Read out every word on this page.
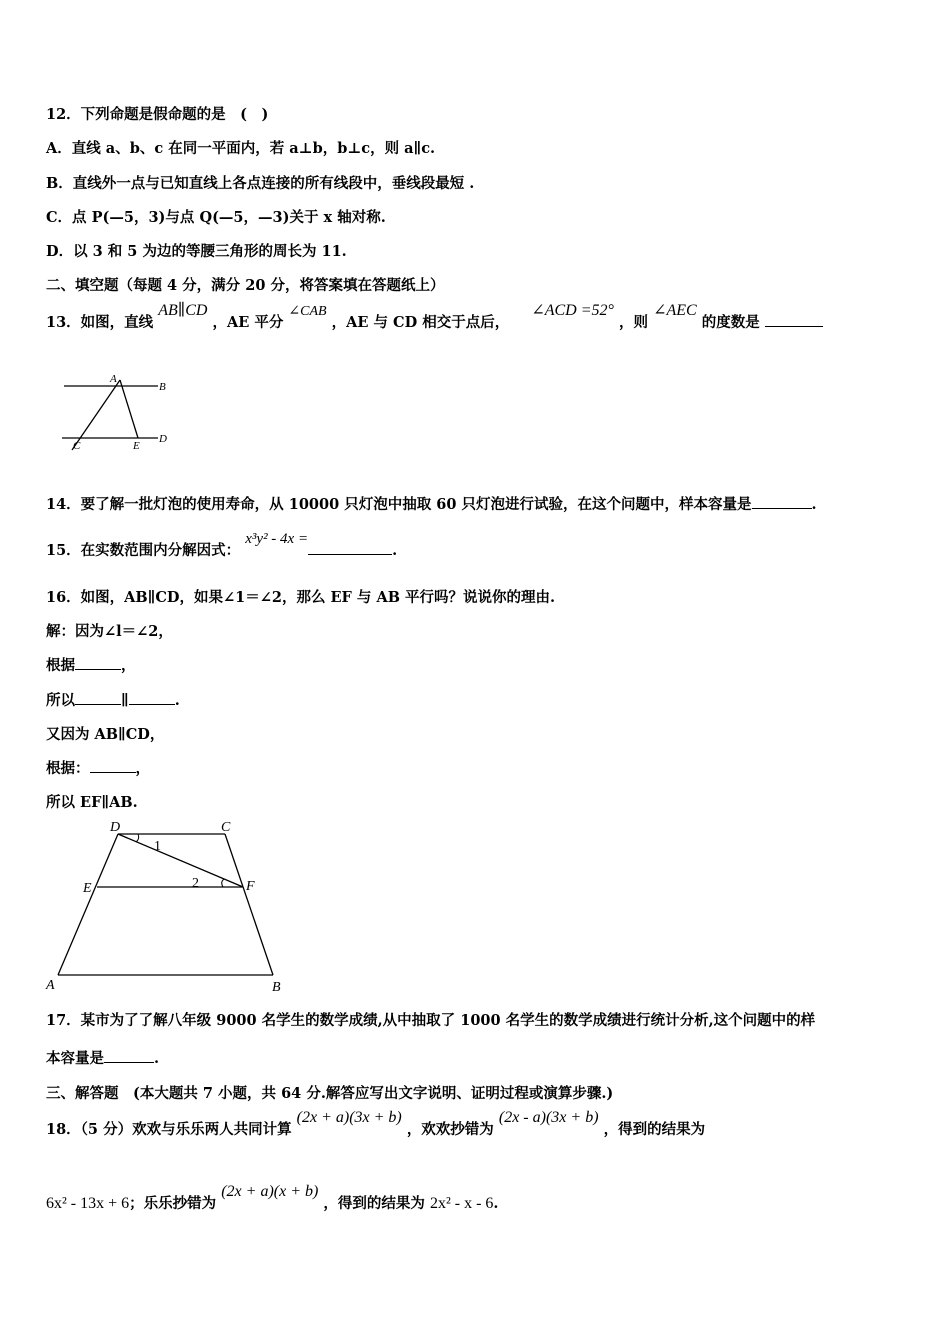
12．下列命题是假命题的是　(　)
A．直线 a、b、c 在同一平面内，若 a⊥b，b⊥c，则 a∥c.
B．直线外一点与已知直线上各点连接的所有线段中，垂线段最短 .
C．点 P(—5，3)与点 Q(—5，—3)关于 x 轴对称.
D．以 3 和 5 为边的等腰三角形的周长为 11.
二、填空题（每题 4 分，满分 20 分，将答案填在答题纸上）
13．如图，直线 AB∥CD ，AE 平分 ∠CAB ，AE 与 CD 相交于点后，  ∠ACD =52° ，则 ∠AEC 的度数是
A
B
C	E
D
14．要了解一批灯泡的使用寿命，从 10000 只灯泡中抽取 60 只灯泡进行试验，在这个问题中，样本容量是	.
15．在实数范围内分解因式： x³y² - 4x =.
16．如图，AB∥CD，如果∠1＝∠2，那么 EF 与 AB 平行吗？说说你的理由.
解：因为∠l＝∠2，
根据	，
所以	∥	.
又因为 AB∥CD，
根据：	，
所以 EF∥AB.
D	C
E	F
A	B
1
2
17．某市为了了解八年级 9000 名学生的数学成绩,从中抽取了 1000 名学生的数学成绩进行统计分析,这个问题中的样
本容量是	.
三、解答题　(本大题共 7 小题，共 64 分.解答应写出文字说明、证明过程或演算步骤.)
18．（5 分）欢欢与乐乐两人共同计算 (2x + a)(3x + b) ，欢欢抄错为 (2x - a)(3x + b) ，得到的结果为
6x² - 13x + 6；乐乐抄错为 (2x + a)(x + b) ，得到的结果为 2x² - x - 6.
